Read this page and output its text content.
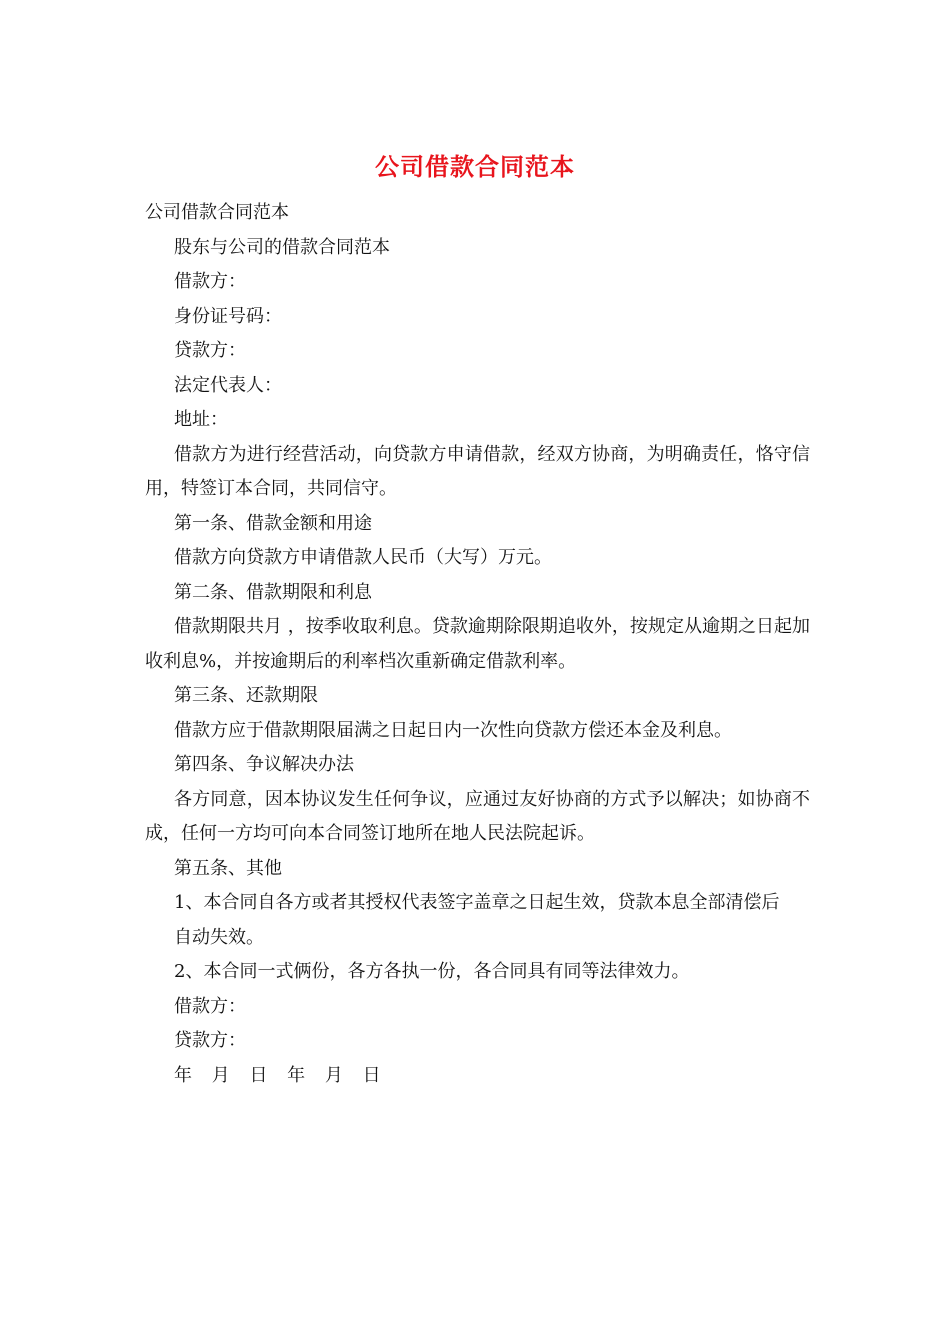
公司借款合同范本

公司借款合同范本

股东与公司的借款合同范本

借款方：

身份证号码：

贷款方：

法定代表人：

地址：

借款方为进行经营活动，向贷款方申请借款，经双方协商，为明确责任，恪守信用，特签订本合同，共同信守。

第一条、借款金额和用途

借款方向贷款方申请借款人民币（大写）万元。

第二条、借款期限和利息

借款期限共月 ，按季收取利息。贷款逾期除限期追收外，按规定从逾期之日起加收利息%，并按逾期后的利率档次重新确定借款利率。

第三条、还款期限

借款方应于借款期限届满之日起日内一次性向贷款方偿还本金及利息。

第四条、争议解决办法

各方同意，因本协议发生任何争议，应通过友好协商的方式予以解决；如协商不成，任何一方均可向本合同签订地所在地人民法院起诉。

第五条、其他

1、本合同自各方或者其授权代表签字盖章之日起生效，贷款本息全部清偿后

自动失效。

2、本合同一式俩份，各方各执一份，各合同具有同等法律效力。

借款方：

贷款方：

年 月 日 年 月 日
